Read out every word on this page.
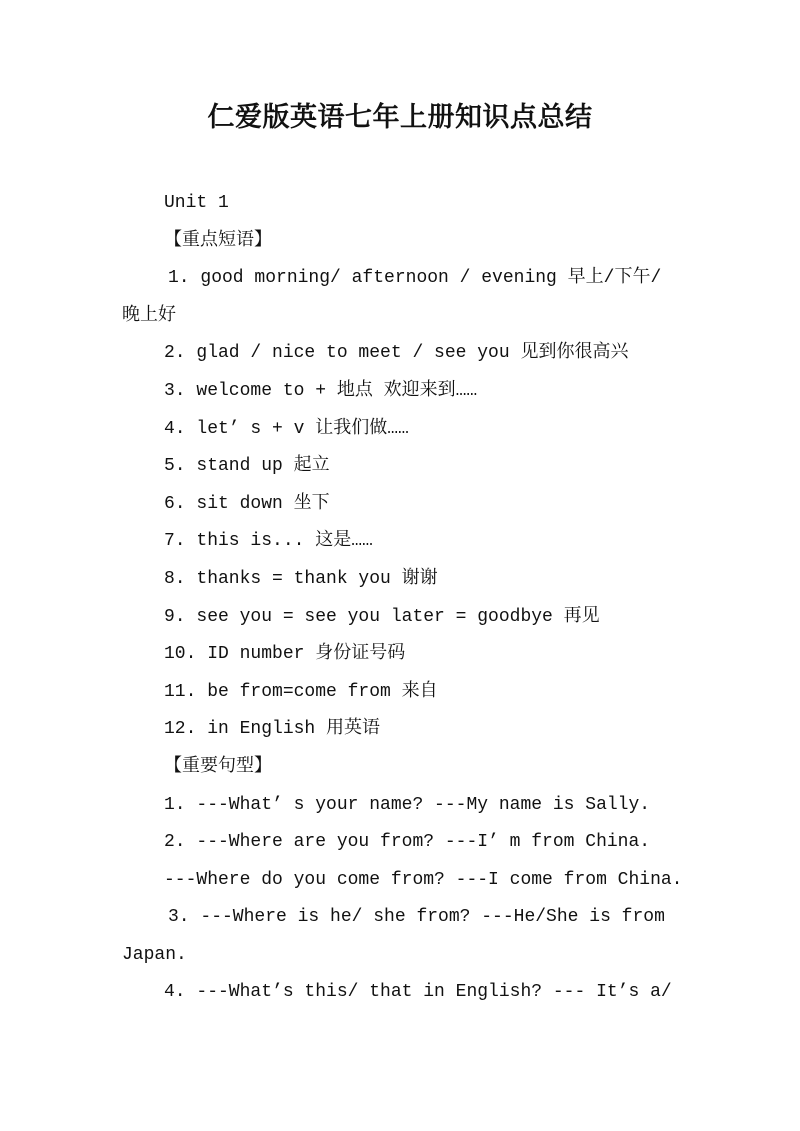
仁爱版英语七年上册知识点总结
Unit 1
【重点短语】
1. good morning/ afternoon / evening 早上/下午/
晚上好
2. glad / nice to meet / see you 见到你很高兴
3. welcome to + 地点 欢迎来到……
4. let’ s + v 让我们做……
5. stand up 起立
6. sit down 坐下
7. this is... 这是……
8. thanks = thank you 谢谢
9. see you = see you later = goodbye 再见
10. ID number 身份证号码
11. be from=come from 来自
12. in English 用英语
【重要句型】
1. ---What’ s your name? ---My name is Sally.
2. ---Where are you from? ---I’ m from China.
---Where do you come from? ---I come from China.
3. ---Where is he/ she from? ---He/She is from
Japan.
4. ---What’s this/ that in English? --- It’s a/
